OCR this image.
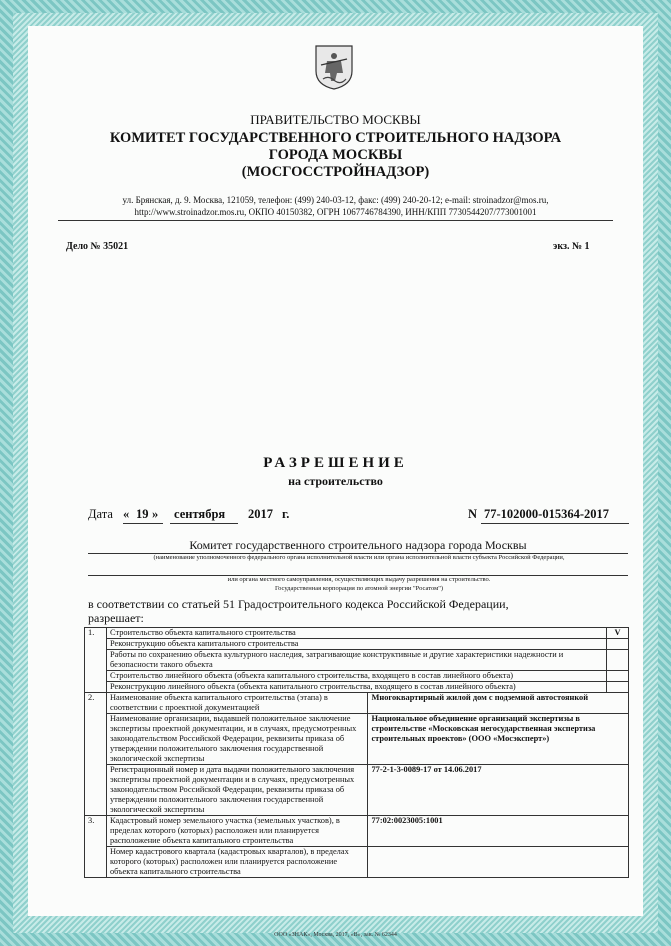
ПРАВИТЕЛЬСТВО МОСКВЫ
КОМИТЕТ ГОСУДАРСТВЕННОГО СТРОИТЕЛЬНОГО НАДЗОРА
ГОРОДА МОСКВЫ
(МОСГОССТРОЙНАДЗОР)
ул. Брянская, д. 9. Москва, 121059, телефон: (499) 240-03-12, факс: (499) 240-20-12; e-mail: stroinadzor@mos.ru,
http://www.stroinadzor.mos.ru, ОКПО 40150382, ОГРН 1067746784390, ИНН/КПП 7730544207/773001001
Дело № 35021	экз. № 1
РАЗРЕШЕНИЕ
на строительство
Дата « 19 » сентября 2017 г.	N 77-102000-015364-2017
Комитет государственного строительного надзора города Москвы
(наименование уполномоченного федерального органа исполнительной власти или органа исполнительной власти субъекта Российской Федерации,
или органа местного самоуправления, осуществляющих выдачу разрешения на строительство.
Государственная корпорация по атомной энергии "Росатом")
в соответствии со статьей 51 Градостроительного кодекса Российской Федерации,
разрешает:
ООО «ЗНАК», Москва, 2017, «В», зак. № 62344
1.	Строительство объекта капитального строительства		V
	Реконструкцию объекта капитального строительства		
	Работы по сохранению объекта культурного наследия, затрагивающие конструктивные и другие характеристики надежности и безопасности такого объекта		
	Строительство линейного объекта (объекта капитального строительства, входящего в состав линейного объекта)		
	Реконструкцию линейного объекта (объекта капитального строительства, входящего в состав линейного объекта)		
2.	Наименование объекта капитального строительства (этапа) в соответствии с проектной документацией	Многоквартирный жилой дом с подземной автостоянкой	
	Наименование организации, выдавшей положительное заключение экспертизы проектной документации, и в случаях, предусмотренных законодательством Российской Федерации, реквизиты приказа об утверждении положительного заключения государственной экологической экспертизы	Национальное объединение организаций экспертизы в строительстве «Московская негосударственная экспертиза строительных проектов» (ООО «Мосэксперт»)	
	Регистрационный номер и дата выдачи положительного заключения экспертизы проектной документации и в случаях, предусмотренных законодательством Российской Федерации, реквизиты приказа об утверждении положительного заключения государственной экологической экспертизы	77-2-1-3-0089-17 от 14.06.2017	
3.	Кадастровый номер земельного участка (земельных участков), в пределах которого (которых) расположен или планируется расположение объекта капитального строительства	77:02:0023005:1001	
	Номер кадастрового квартала (кадастровых кварталов), в пределах которого (которых) расположен или планируется расположение объекта капитального строительства		
